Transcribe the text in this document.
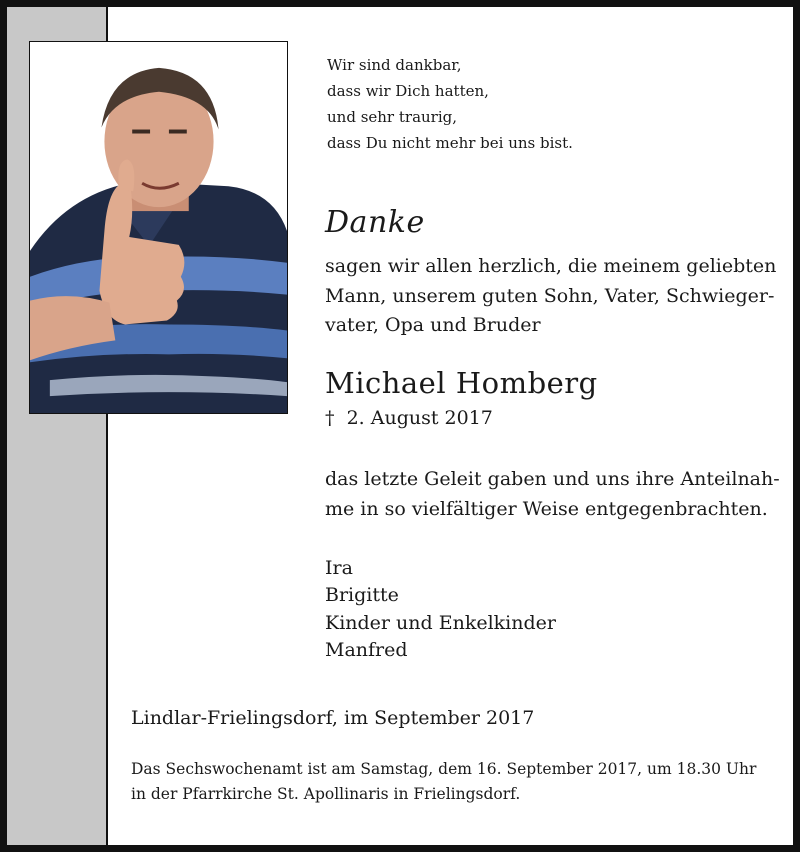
Wir sind dankbar,
dass wir Dich hatten,
und sehr traurig,
dass Du nicht mehr bei uns bist.
Danke
sagen wir allen herzlich, die meinem geliebten
Mann, unserem guten Sohn, Vater, Schwieger-
vater, Opa und Bruder
Michael Homberg
† 2. August 2017
das letzte Geleit gaben und uns ihre Anteilnah-
me in so vielfältiger Weise entgegenbrachten.
Ira
Brigitte
Kinder und Enkelkinder
Manfred
Lindlar-Frielingsdorf, im September 2017
Das Sechswochenamt ist am Samstag, dem 16. September 2017, um 18.30 Uhr
in der Pfarrkirche St. Apollinaris in Frielingsdorf.
